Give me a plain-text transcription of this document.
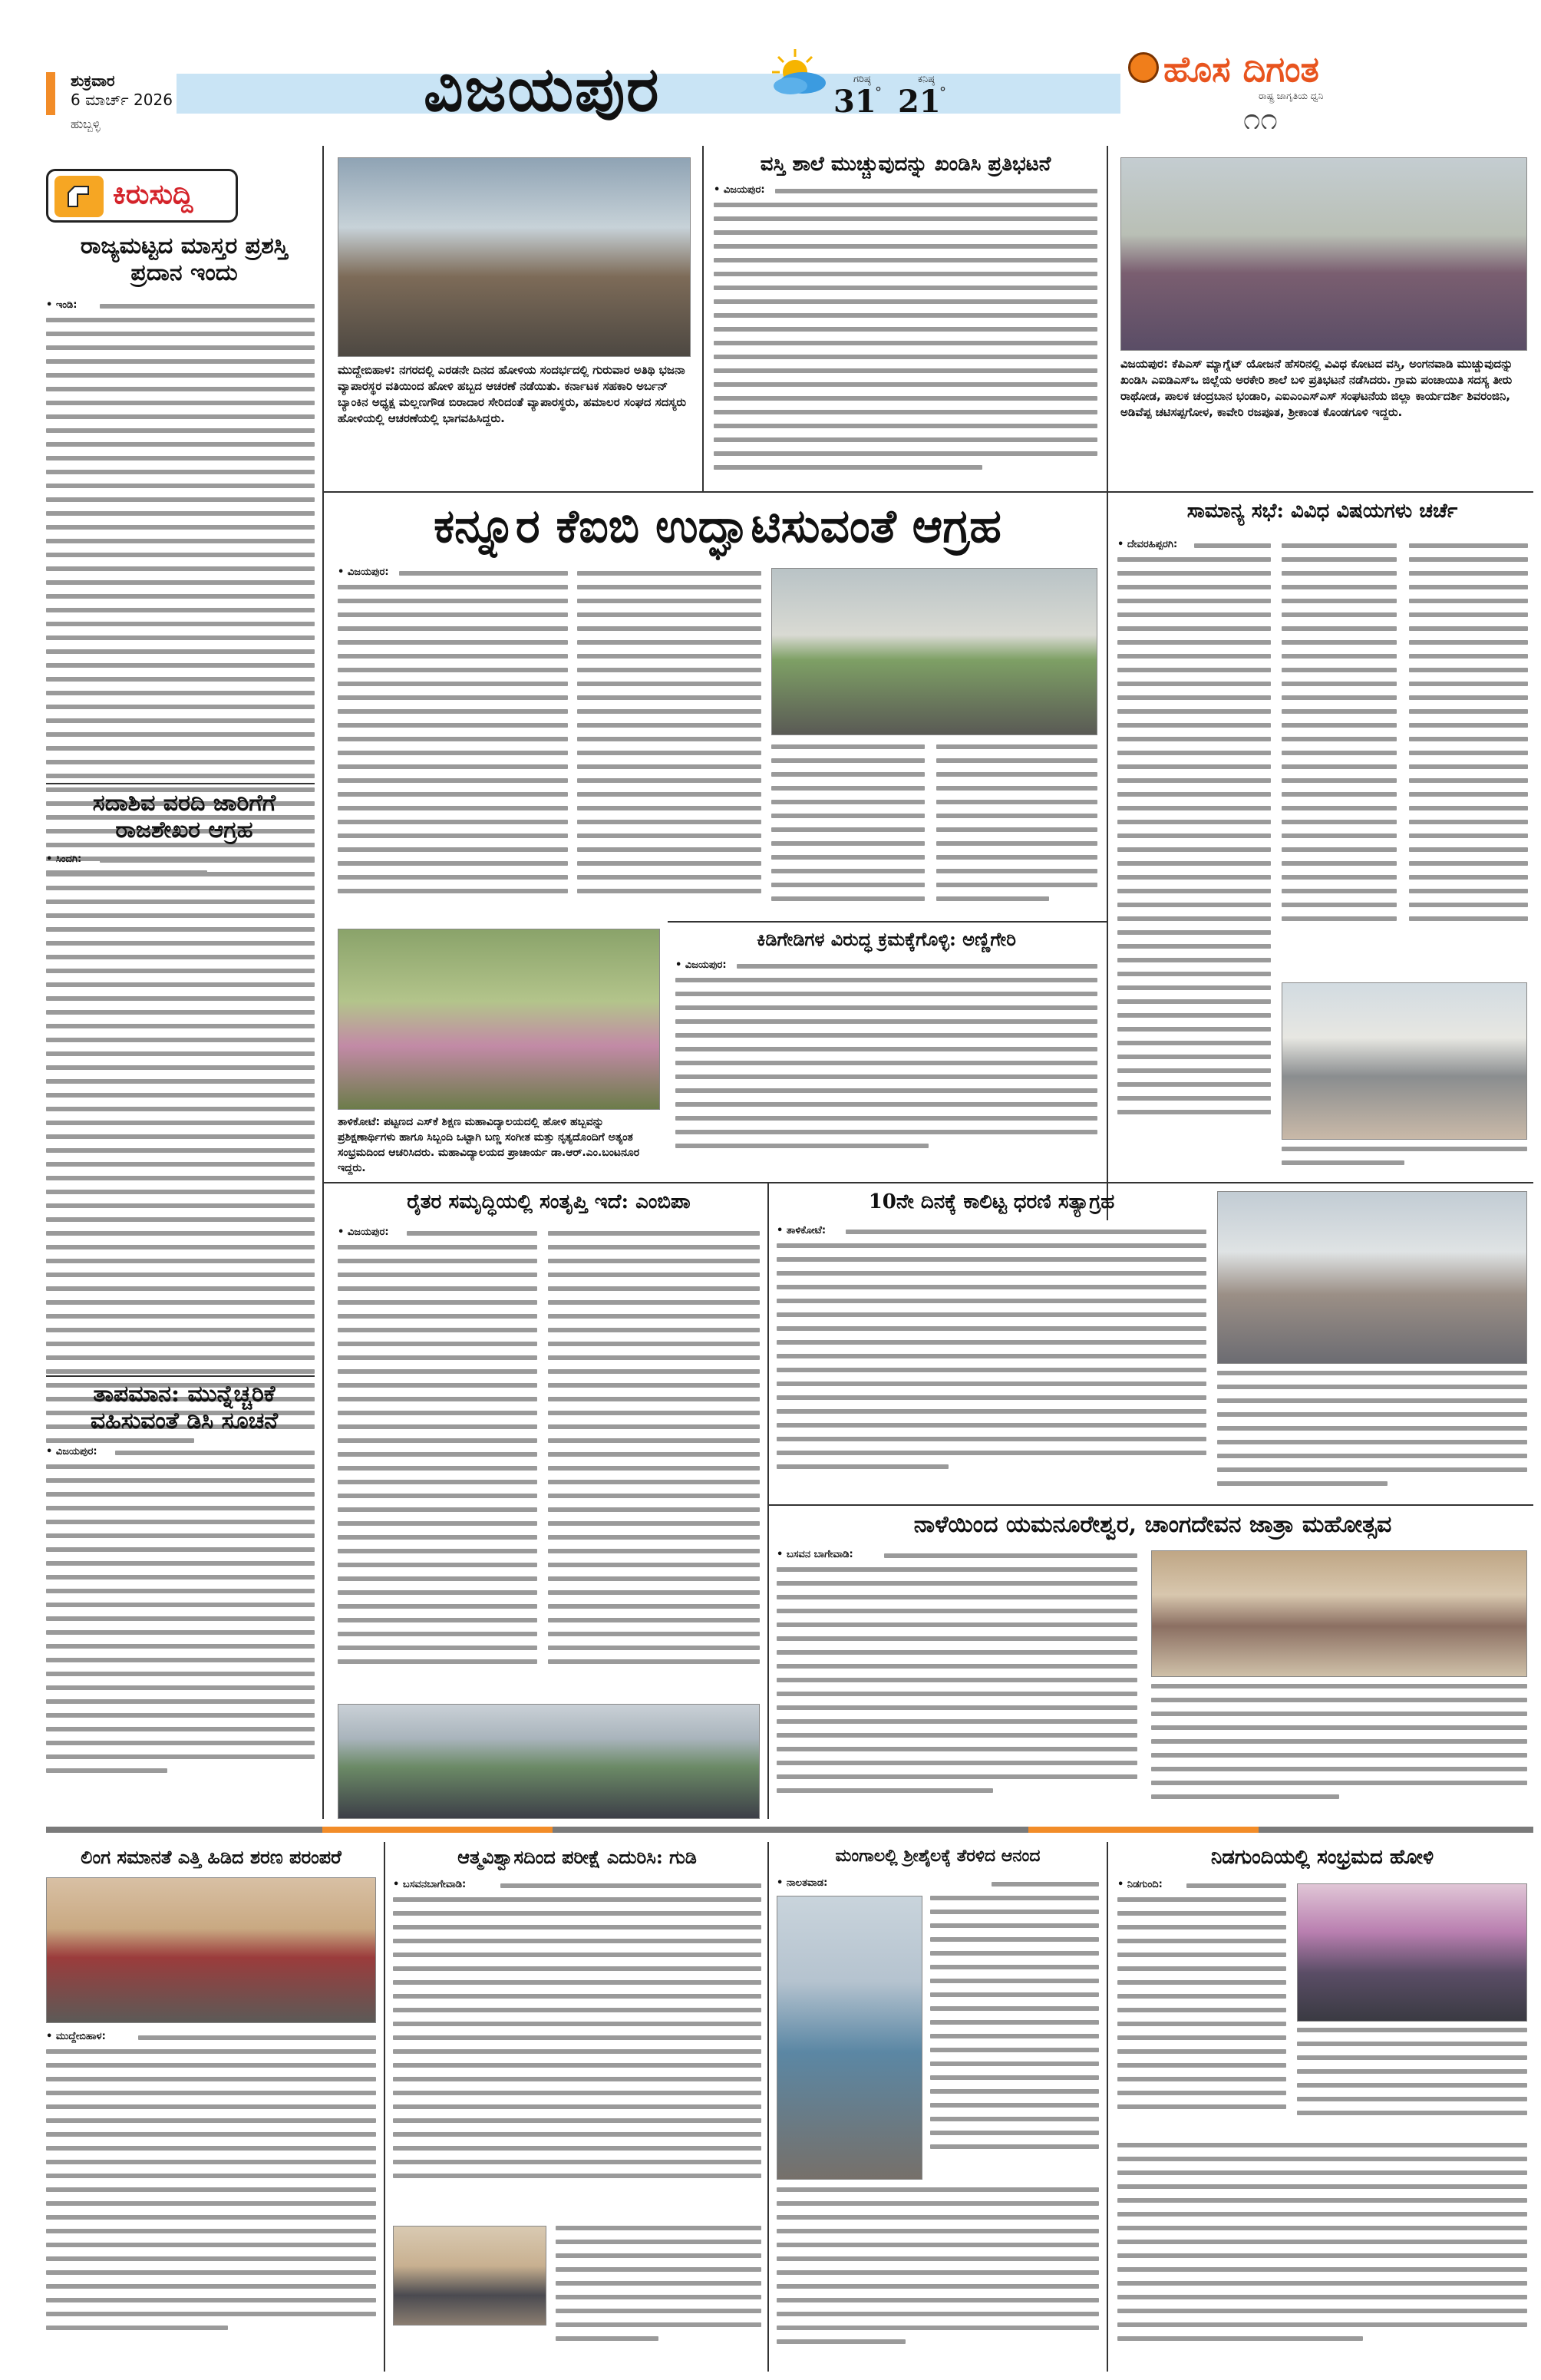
ಶುಕ್ರವಾರ
6 ಮಾರ್ಚ್ 2026
ಹುಬ್ಬಳ್ಳಿ	ವಿಜಯಪುರ	ಗರಿಷ್ಠ
31
°
ಕನಿಷ್ಠ
21
°
ಹೊಸ ದಿಗಂತ
ರಾಷ್ಟ್ರ ಜಾಗೃತಿಯ ಧ್ವನಿ
೧೧
ಕಿರುಸುದ್ದಿ
ರಾಜ್ಯಮಟ್ಟದ ಮಾಸ್ತರ ಪ್ರಶಸ್ತಿ ಪ್ರದಾನ ಇಂದು
• ಇಂಡಿ:
ಸದಾಶಿವ ವರದಿ ಜಾರಿಗೆಗೆ ರಾಜಶೇಖರ ಆಗ್ರಹ
• ಸಿಂದಗಿ:
ತಾಪಮಾನ: ಮುನ್ನೆಚ್ಚರಿಕೆ ವಹಿಸುವಂತೆ ಡಿಸಿ ಸೂಚನೆ
• ವಿಜಯಪುರ:
ಮುದ್ದೇಬಿಹಾಳ: ನಗರದಲ್ಲಿ ಎರಡನೇ ದಿನದ ಹೋಳಿಯ ಸಂದರ್ಭದಲ್ಲಿ ಗುರುವಾರ ಅತಿಥಿ ಭಜನಾ ವ್ಯಾಪಾರಸ್ಥರ ವತಿಯಿಂದ ಹೋಳಿ ಹಬ್ಬದ ಆಚರಣೆ ನಡೆಯಿತು. ಕರ್ನಾಟಕ ಸಹಕಾರಿ ಅರ್ಬನ್ ಬ್ಯಾಂಕಿನ ಅಧ್ಯಕ್ಷ ಮಲ್ಲಣಗೌಡ ಬಿರಾದಾರ ಸೇರಿದಂತೆ ವ್ಯಾಪಾರಸ್ಥರು, ಹಮಾಲರ ಸಂಘದ ಸದಸ್ಯರು ಹೋಳಿಯಲ್ಲಿ ಆಚರಣೆಯಲ್ಲಿ ಭಾಗವಹಿಸಿದ್ದರು.
ವಸ್ತಿ ಶಾಲೆ ಮುಚ್ಚುವುದನ್ನು ಖಂಡಿಸಿ ಪ್ರತಿಭಟನೆ
• ವಿಜಯಪುರ:
ವಿಜಯಪುರ: ಕೆಪಿಎಸ್ ಮ್ಯಾಗ್ನೆಟ್ ಯೋಜನೆ ಹೆಸರಿನಲ್ಲಿ ವಿವಿಧ ಕೋಟದ ವಸ್ತಿ, ಅಂಗನವಾಡಿ ಮುಚ್ಚುವುದನ್ನು ಖಂಡಿಸಿ ಎಐಡಿಎಸ್‌ಒ ಜಿಲ್ಲೆಯ ಅರಕೇರಿ ಶಾಲೆ ಬಳಿ ಪ್ರತಿಭಟನೆ ನಡೆಸಿದರು. ಗ್ರಾಮ ಪಂಚಾಯಿತಿ ಸದಸ್ಯ ತೀರು ರಾಥೋಡ, ಪಾಲಕ ಚಂದ್ರಬಾನ ಭಂಡಾರಿ, ಎಐಎಂಎಸ್‌ಎಸ್ ಸಂಘಟನೆಯ ಜಿಲ್ಲಾ ಕಾರ್ಯದರ್ಶಿ ಶಿವರಂಜಿನಿ, ಅಡಿವೆಪ್ಪ ಚಟಿಸಪ್ಪಗೋಳ, ಕಾವೇರಿ ರಜಪೂತ, ಶ್ರೀಕಾಂತ ಕೊಂಡಗೂಳಿ ಇದ್ದರು.
ಕನ್ನೂರ ಕೆಐಬಿ ಉದ್ಘಾಟಿಸುವಂತೆ ಆಗ್ರಹ
• ವಿಜಯಪುರ:
ತಾಳಿಕೋಟೆ: ಪಟ್ಟಣದ ಎಸ್‌ಕೆ ಶಿಕ್ಷಣ ಮಹಾವಿದ್ಯಾಲಯದಲ್ಲಿ ಹೋಳಿ ಹಬ್ಬವನ್ನು ಪ್ರಶಿಕ್ಷಣಾರ್ಥಿಗಳು ಹಾಗೂ ಸಿಬ್ಬಂದಿ ಒಟ್ಟಾಗಿ ಬಣ್ಣ ಸಂಗೀತ ಮತ್ತು ನೃತ್ಯದೊಂದಿಗೆ ಅತ್ಯಂತ ಸಂಭ್ರಮದಿಂದ ಆಚರಿಸಿದರು. ಮಹಾವಿದ್ಯಾಲಯದ ಪ್ರಾಚಾರ್ಯ ಡಾ.ಆರ್.ಎಂ.ಬಂಟನೂರ ಇದ್ದರು.
ಕಿಡಿಗೇಡಿಗಳ ವಿರುದ್ಧ ಕ್ರಮಕ್ಕೆಗೊಳ್ಳಿ: ಅಣ್ಣಿಗೇರಿ
• ವಿಜಯಪುರ:
ಸಾಮಾನ್ಯ ಸಭೆ: ವಿವಿಧ ವಿಷಯಗಳು ಚರ್ಚೆ
• ದೇವರಹಿಪ್ಪರಗಿ:
ರೈತರ ಸಮೃದ್ಧಿಯಲ್ಲಿ ಸಂತೃಪ್ತಿ ಇದೆ: ಎಂಬಿಪಾ
• ವಿಜಯಪುರ:
10ನೇ ದಿನಕ್ಕೆ ಕಾಲಿಟ್ಟ ಧರಣಿ ಸತ್ಯಾಗ್ರಹ
• ತಾಳಿಕೋಟೆ:
ನಾಳೆಯಿಂದ ಯಮನೂರೇಶ್ವರ, ಚಾಂಗದೇವನ ಜಾತ್ರಾ ಮಹೋತ್ಸವ
• ಬಸವನ ಬಾಗೇವಾಡಿ:
ಲಿಂಗ ಸಮಾನತೆ ಎತ್ತಿ ಹಿಡಿದ ಶರಣ ಪರಂಪರೆ
• ಮುದ್ದೇಬಿಹಾಳ:
ಆತ್ಮವಿಶ್ವಾಸದಿಂದ ಪರೀಕ್ಷೆ ಎದುರಿಸಿ: ಗುಡಿ
• ಬಸವನಬಾಗೇವಾಡಿ:
ಮಂಗಾಲಲ್ಲಿ ಶ್ರೀಶೈಲಕ್ಕೆ ತೆರಳಿದ ಆನಂದ
• ನಾಲತವಾಡ:
ನಿಡಗುಂದಿಯಲ್ಲಿ ಸಂಭ್ರಮದ ಹೋಳಿ
• ನಿಡಗುಂದಿ:
